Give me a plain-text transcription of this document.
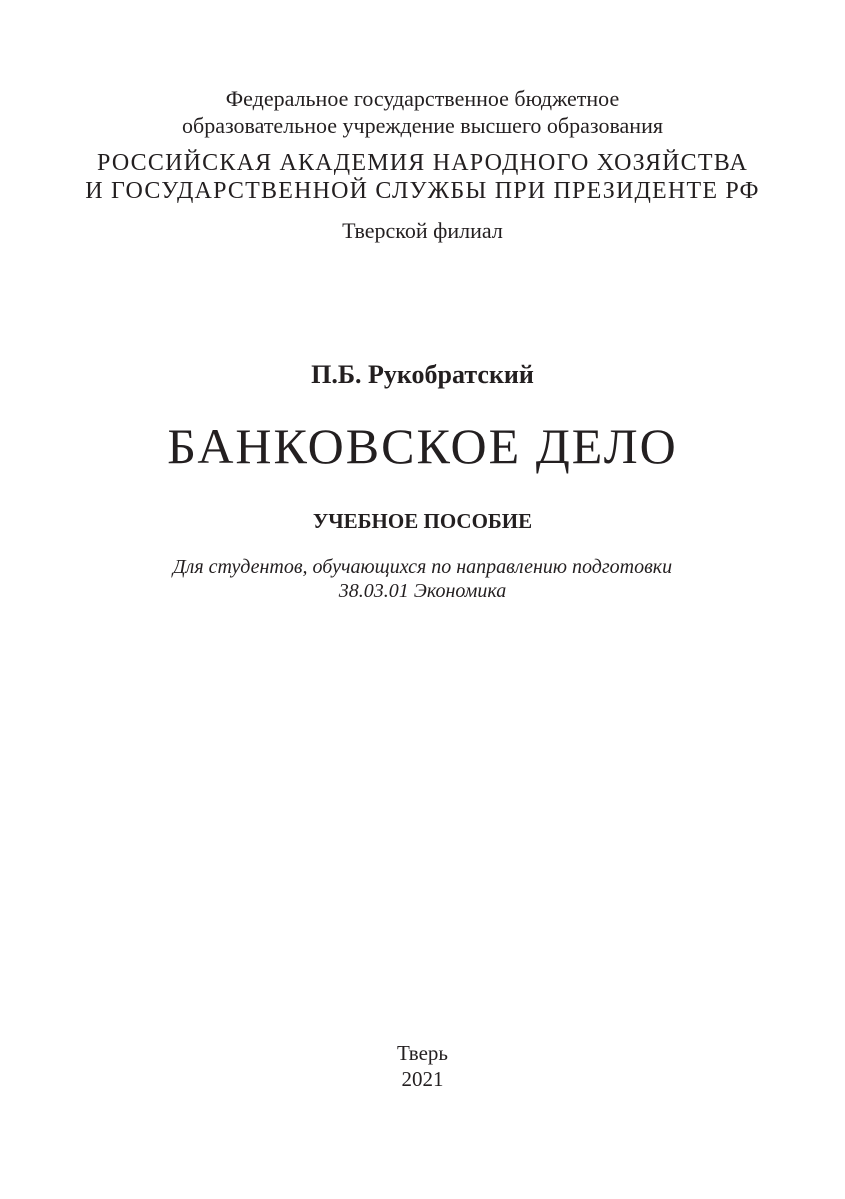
Федеральное государственное бюджетное

образовательное учреждение высшего образования

РОССИЙСКАЯ АКАДЕМИЯ НАРОДНОГО ХОЗЯЙСТВА

И ГОСУДАРСТВЕННОЙ СЛУЖБЫ ПРИ ПРЕЗИДЕНТЕ РФ

Тверской филиал

П.Б. Рукобратский

БАНКОВСКОЕ ДЕЛО

УЧЕБНОЕ ПОСОБИЕ

Для студентов, обучающихся по направлению подготовки

38.03.01 Экономика

Тверь

2021
